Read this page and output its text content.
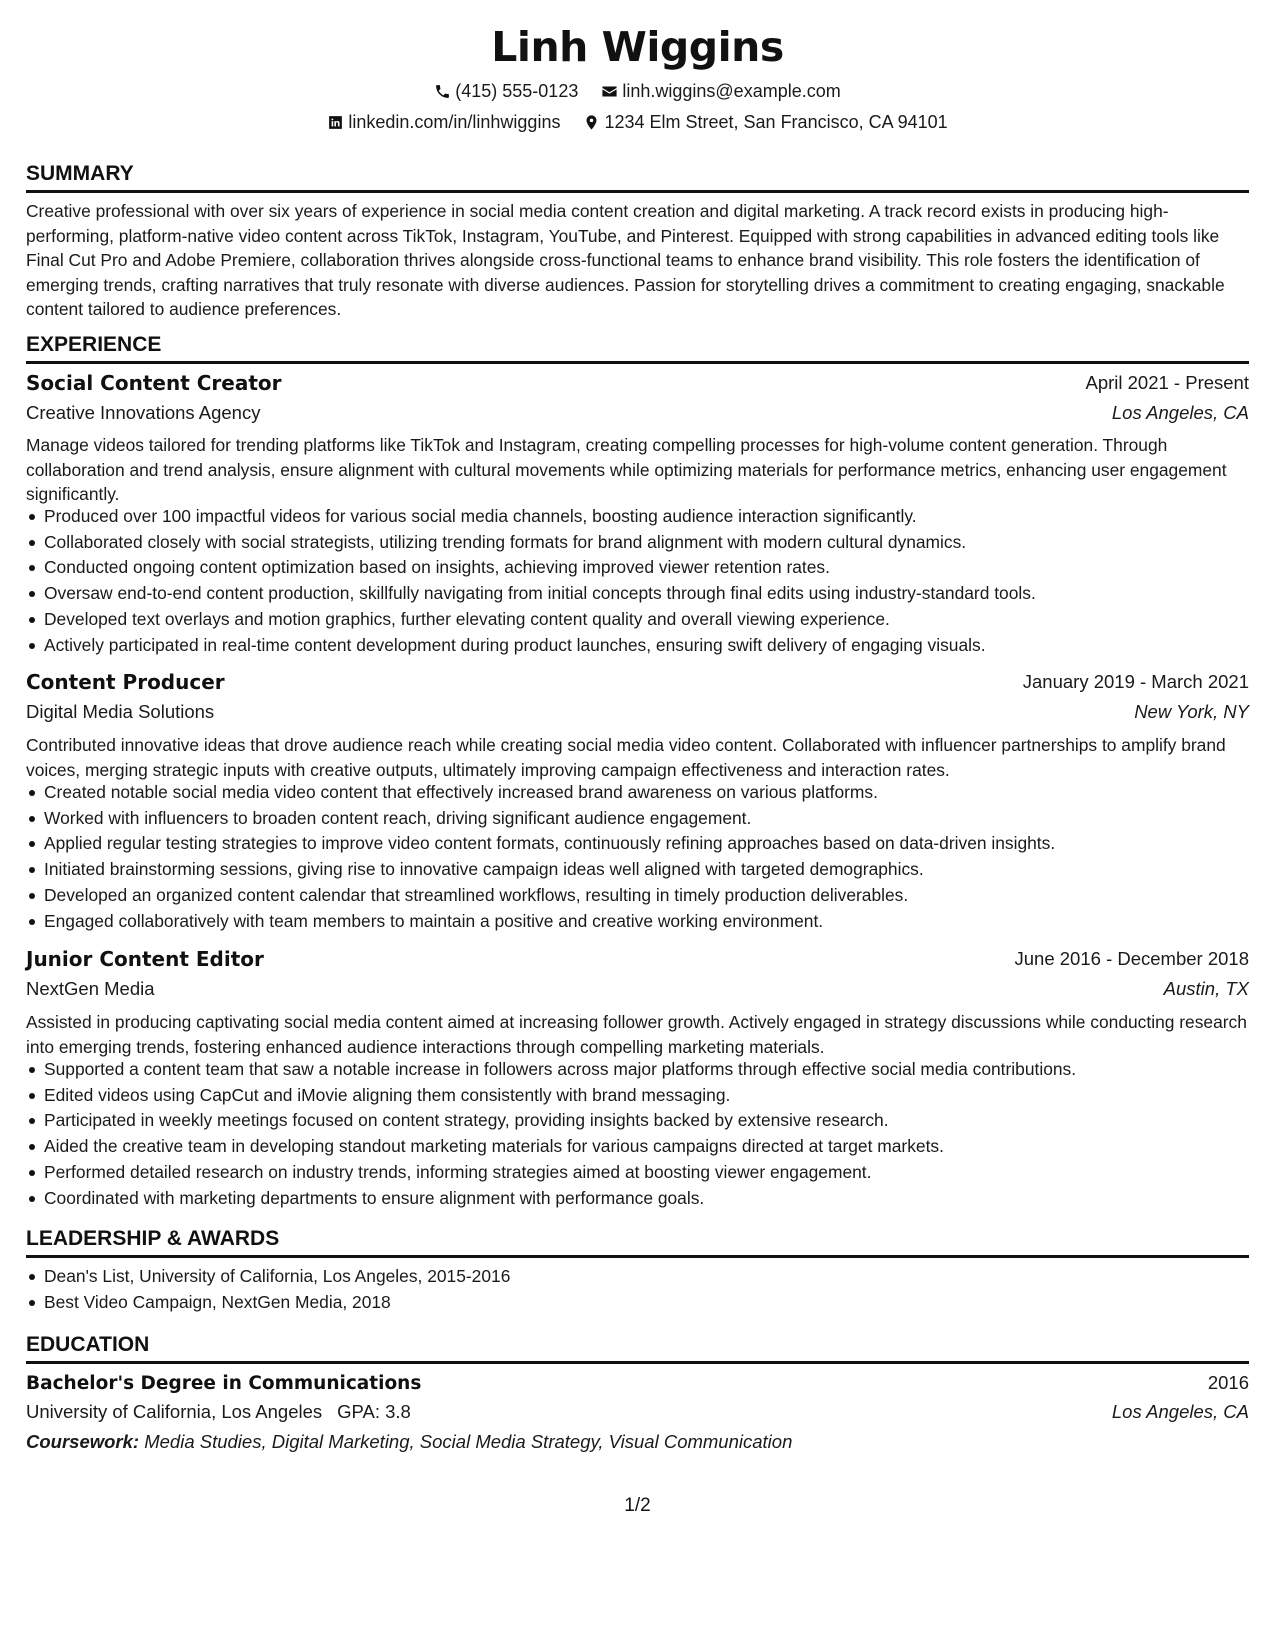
Linh Wiggins
(415) 555-0123
linh.wiggins@example.com
linkedin.com/in/linhwiggins
1234 Elm Street, San Francisco, CA 94101
SUMMARY
Creative professional with over six years of experience in social media content creation and digital marketing. A track record exists in producing high-performing, platform-native video content across TikTok, Instagram, YouTube, and Pinterest. Equipped with strong capabilities in advanced editing tools like Final Cut Pro and Adobe Premiere, collaboration thrives alongside cross-functional teams to enhance brand visibility. This role fosters the identification of emerging trends, crafting narratives that truly resonate with diverse audiences. Passion for storytelling drives a commitment to creating engaging, snackable content tailored to audience preferences.
EXPERIENCE
Social Content Creator	April 2021 - Present
Creative Innovations Agency	Los Angeles, CA
Manage videos tailored for trending platforms like TikTok and Instagram, creating compelling processes for high-volume content generation. Through collaboration and trend analysis, ensure alignment with cultural movements while optimizing materials for performance metrics, enhancing user engagement significantly.
Produced over 100 impactful videos for various social media channels, boosting audience interaction significantly.
Collaborated closely with social strategists, utilizing trending formats for brand alignment with modern cultural dynamics.
Conducted ongoing content optimization based on insights, achieving improved viewer retention rates.
Oversaw end-to-end content production, skillfully navigating from initial concepts through final edits using industry-standard tools.
Developed text overlays and motion graphics, further elevating content quality and overall viewing experience.
Actively participated in real-time content development during product launches, ensuring swift delivery of engaging visuals.
Content Producer	January 2019 - March 2021
Digital Media Solutions	New York, NY
Contributed innovative ideas that drove audience reach while creating social media video content. Collaborated with influencer partnerships to amplify brand voices, merging strategic inputs with creative outputs, ultimately improving campaign effectiveness and interaction rates.
Created notable social media video content that effectively increased brand awareness on various platforms.
Worked with influencers to broaden content reach, driving significant audience engagement.
Applied regular testing strategies to improve video content formats, continuously refining approaches based on data-driven insights.
Initiated brainstorming sessions, giving rise to innovative campaign ideas well aligned with targeted demographics.
Developed an organized content calendar that streamlined workflows, resulting in timely production deliverables.
Engaged collaboratively with team members to maintain a positive and creative working environment.
Junior Content Editor	June 2016 - December 2018
NextGen Media	Austin, TX
Assisted in producing captivating social media content aimed at increasing follower growth. Actively engaged in strategy discussions while conducting research into emerging trends, fostering enhanced audience interactions through compelling marketing materials.
Supported a content team that saw a notable increase in followers across major platforms through effective social media contributions.
Edited videos using CapCut and iMovie aligning them consistently with brand messaging.
Participated in weekly meetings focused on content strategy, providing insights backed by extensive research.
Aided the creative team in developing standout marketing materials for various campaigns directed at target markets.
Performed detailed research on industry trends, informing strategies aimed at boosting viewer engagement.
Coordinated with marketing departments to ensure alignment with performance goals.
LEADERSHIP & AWARDS
Dean's List, University of California, Los Angeles, 2015-2016
Best Video Campaign, NextGen Media, 2018
EDUCATION
Bachelor's Degree in Communications	2016
University of California, Los Angeles GPA: 3.8	Los Angeles, CA
Coursework: Media Studies, Digital Marketing, Social Media Strategy, Visual Communication
1/2
